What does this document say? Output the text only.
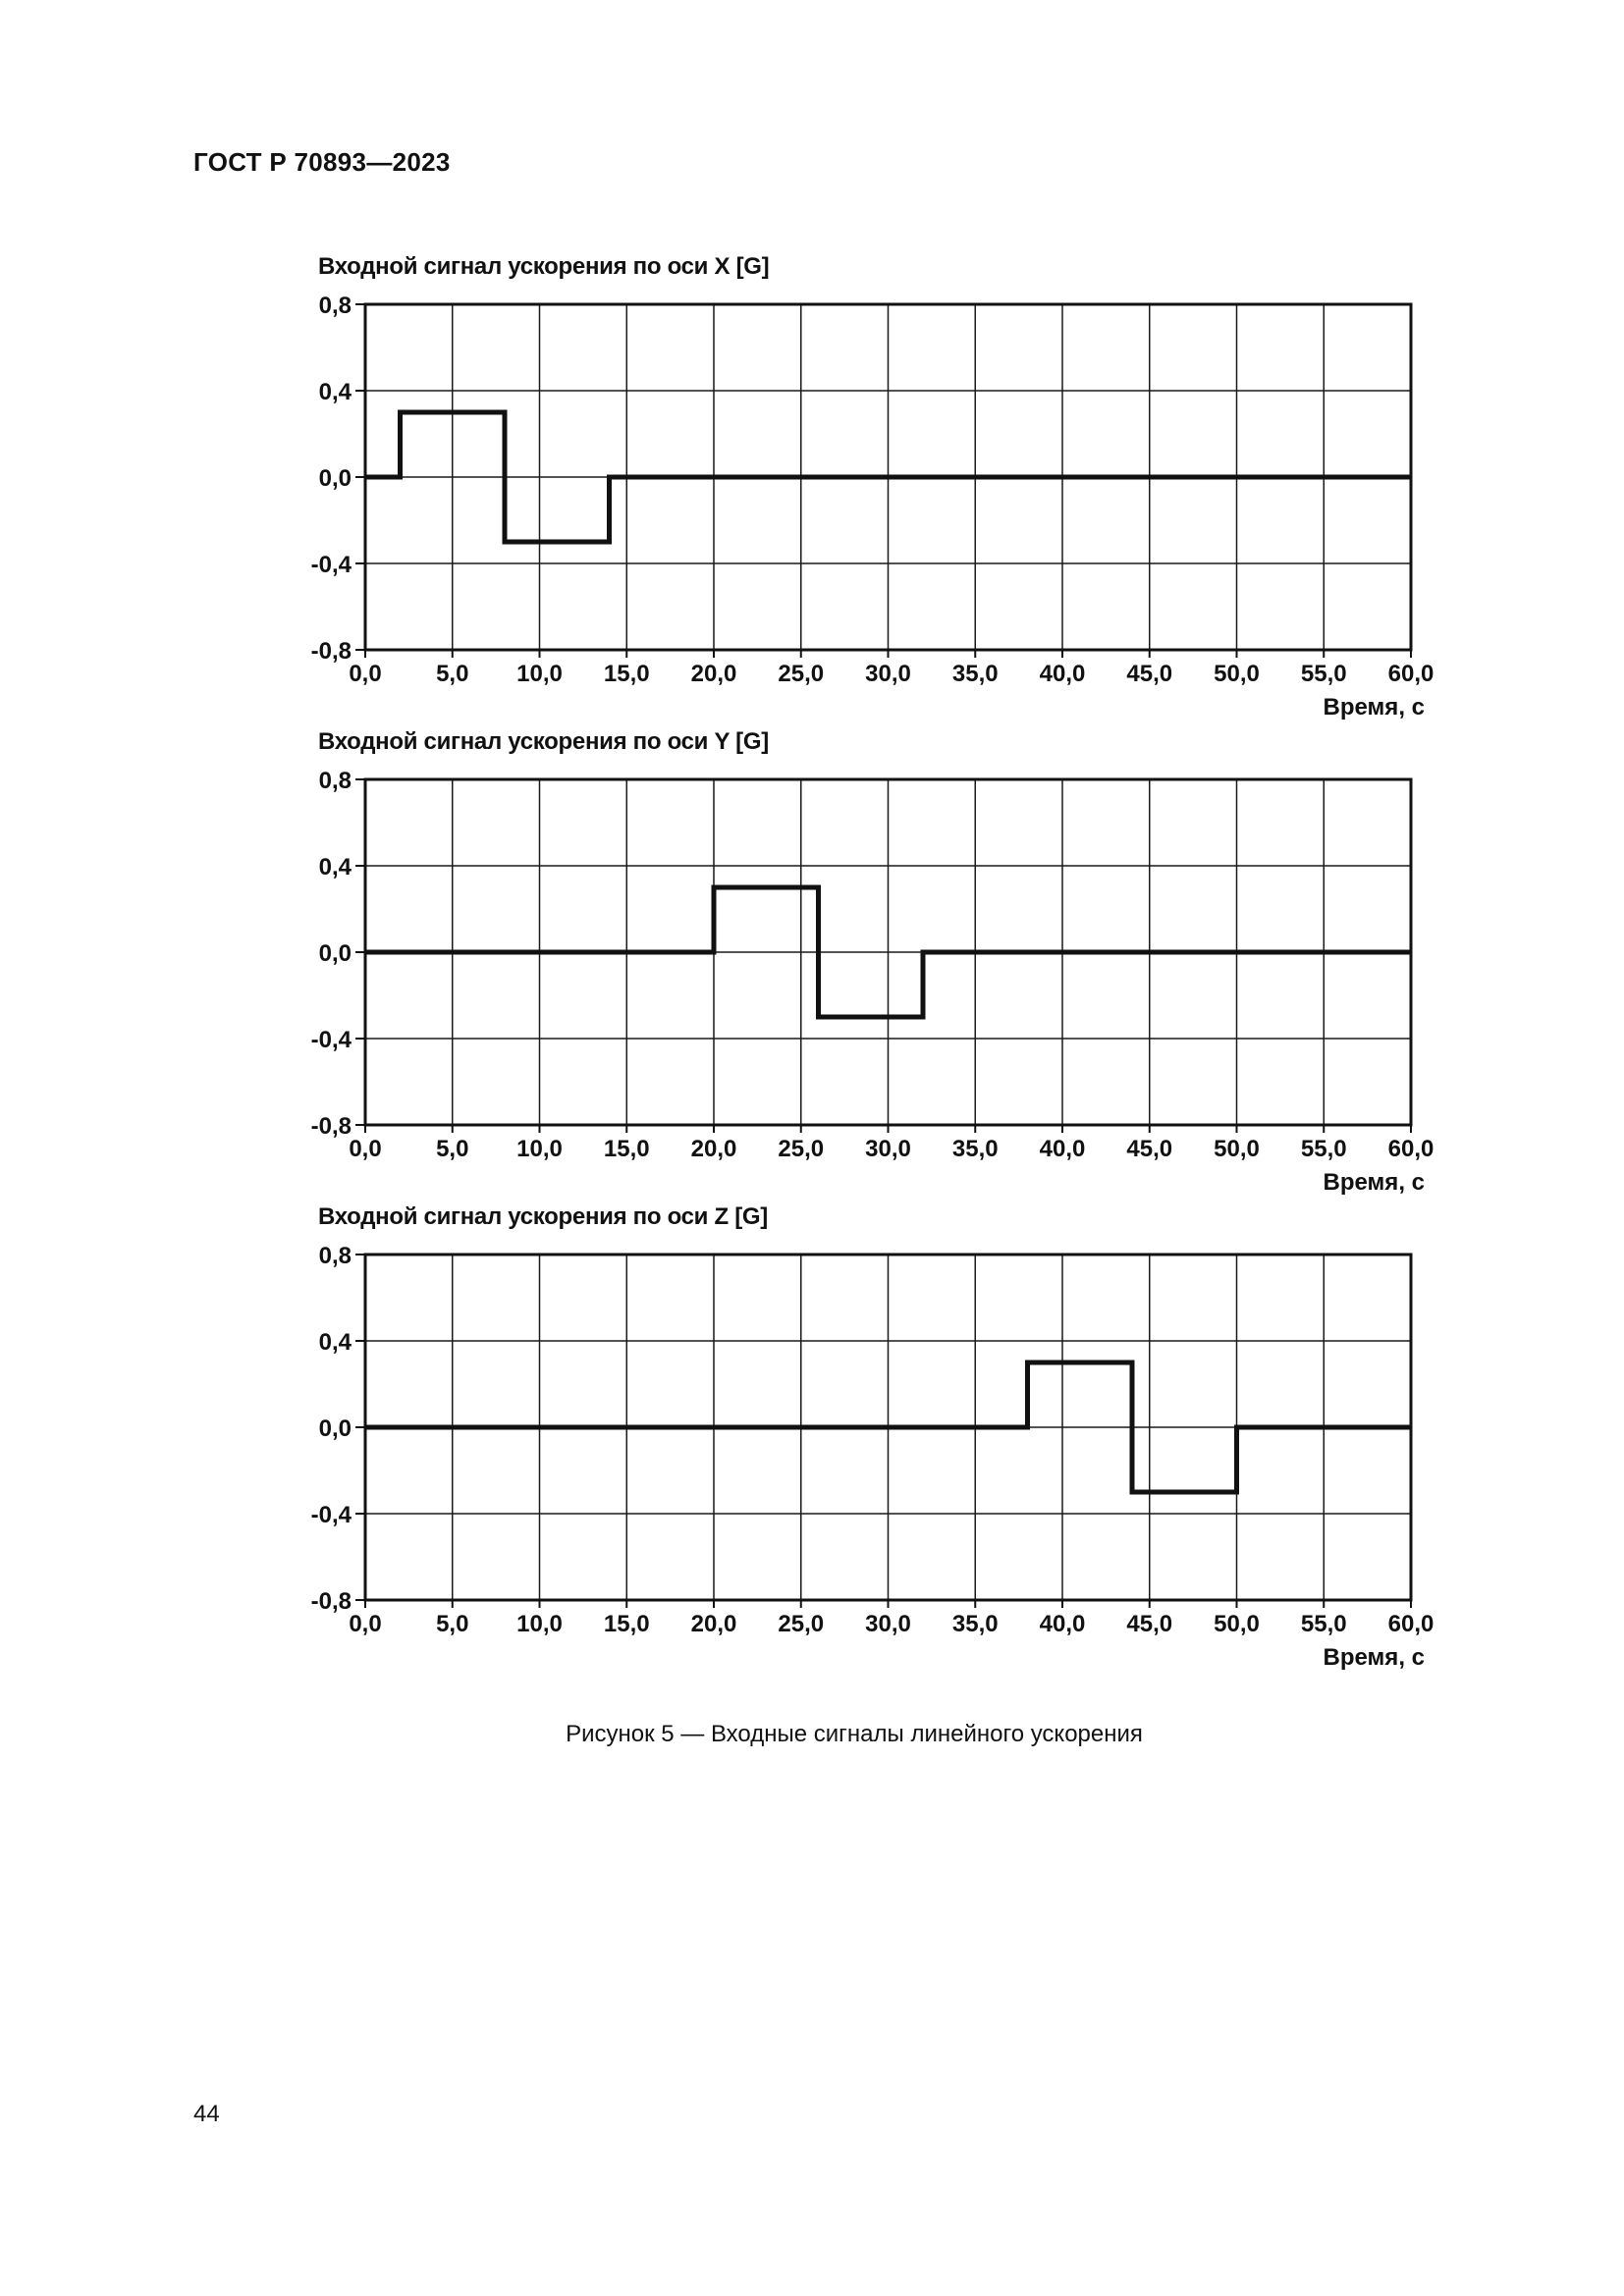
ГОСТ Р 70893—2023
Входной сигнал ускорения по оси X [G]
0,8
0,4
0,0
-0,4
-0,8
0,0 5,0 10,0 15,0 20,0 25,0 30,0 35,0 40,0 45,0 50,0 55,0 60,0
Время, с
Входной сигнал ускорения по оси Y [G]
0,8
0,4
0,0
-0,4
-0,8
0,0 5,0 10,0 15,0 20,0 25,0 30,0 35,0 40,0 45,0 50,0 55,0 60,0
Время, с
Входной сигнал ускорения по оси Z [G]
0,8
0,4
0,0
-0,4
-0,8
0,0 5,0 10,0 15,0 20,0 25,0 30,0 35,0 40,0 45,0 50,0 55,0 60,0
Время, с
Рисунок 5 — Входные сигналы линейного ускорения
44
